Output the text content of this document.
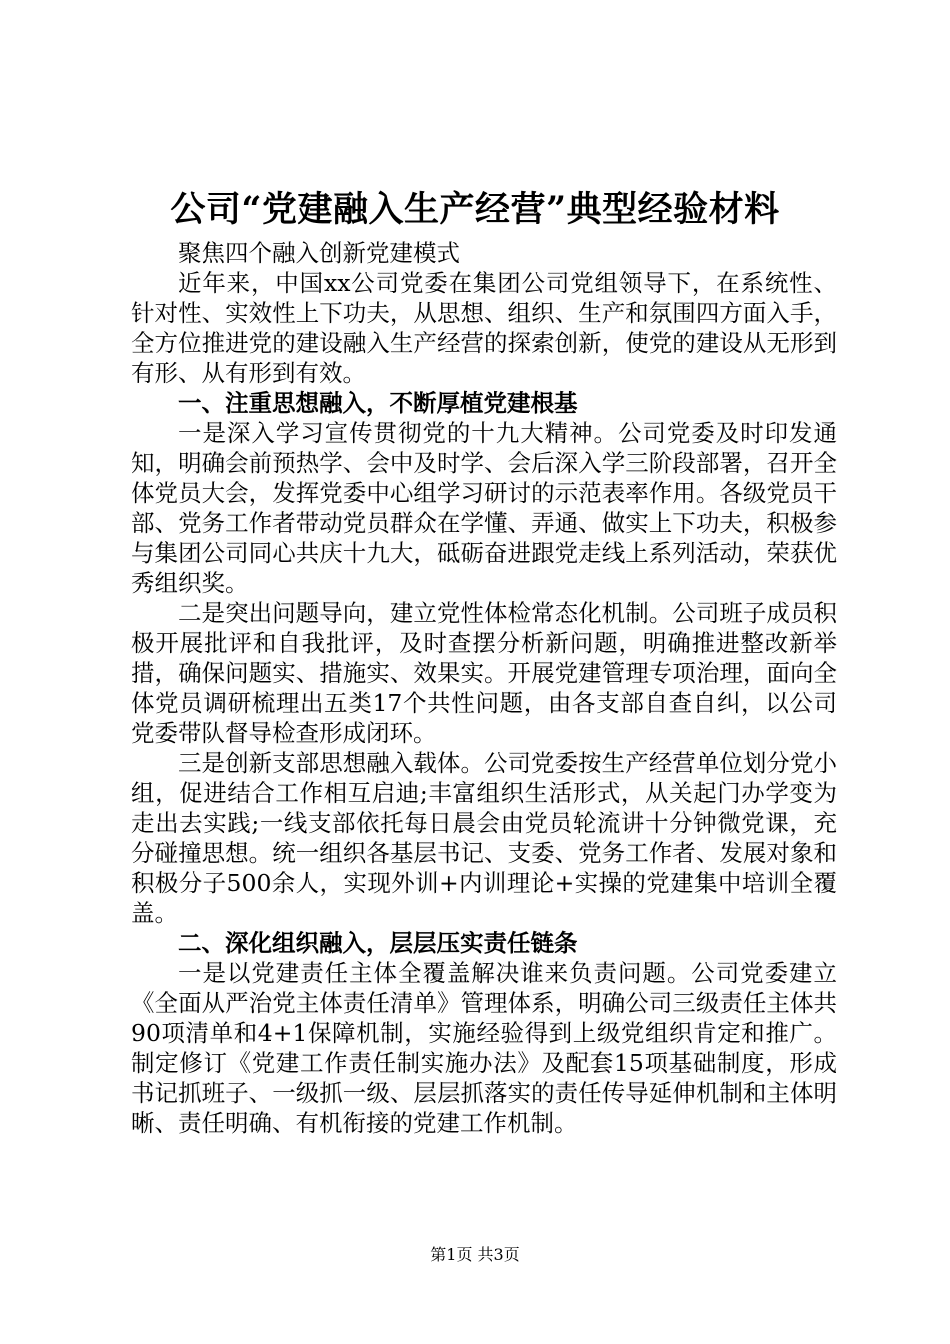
公司“党建融入生产经营”典型经验材料

聚焦四个融入创新党建模式

近年来，中国xx公司党委在集团公司党组领导下，在系统性、针对性、实效性上下功夫，从思想、组织、生产和氛围四方面入手，全方位推进党的建设融入生产经营的探索创新，使党的建设从无形到有形、从有形到有效。

一、注重思想融入，不断厚植党建根基

一是深入学习宣传贯彻党的十九大精神。公司党委及时印发通知，明确会前预热学、会中及时学、会后深入学三阶段部署，召开全体党员大会，发挥党委中心组学习研讨的示范表率作用。各级党员干部、党务工作者带动党员群众在学懂、弄通、做实上下功夫，积极参与集团公司同心共庆十九大，砥砺奋进跟党走线上系列活动，荣获优秀组织奖。

二是突出问题导向，建立党性体检常态化机制。公司班子成员积极开展批评和自我批评，及时查摆分析新问题，明确推进整改新举措，确保问题实、措施实、效果实。开展党建管理专项治理，面向全体党员调研梳理出五类17个共性问题，由各支部自查自纠，以公司党委带队督导检查形成闭环。

三是创新支部思想融入载体。公司党委按生产经营单位划分党小组，促进结合工作相互启迪;丰富组织生活形式，从关起门办学变为走出去实践;一线支部依托每日晨会由党员轮流讲十分钟微党课，充分碰撞思想。统一组织各基层书记、支委、党务工作者、发展对象和积极分子500余人，实现外训+内训理论+实操的党建集中培训全覆盖。

二、深化组织融入，层层压实责任链条

一是以党建责任主体全覆盖解决谁来负责问题。公司党委建立《全面从严治党主体责任清单》管理体系，明确公司三级责任主体共90项清单和4+1保障机制，实施经验得到上级党组织肯定和推广。制定修订《党建工作责任制实施办法》及配套15项基础制度，形成书记抓班子、一级抓一级、层层抓落实的责任传导延伸机制和主体明晰、责任明确、有机衔接的党建工作机制。

第1页 共3页
